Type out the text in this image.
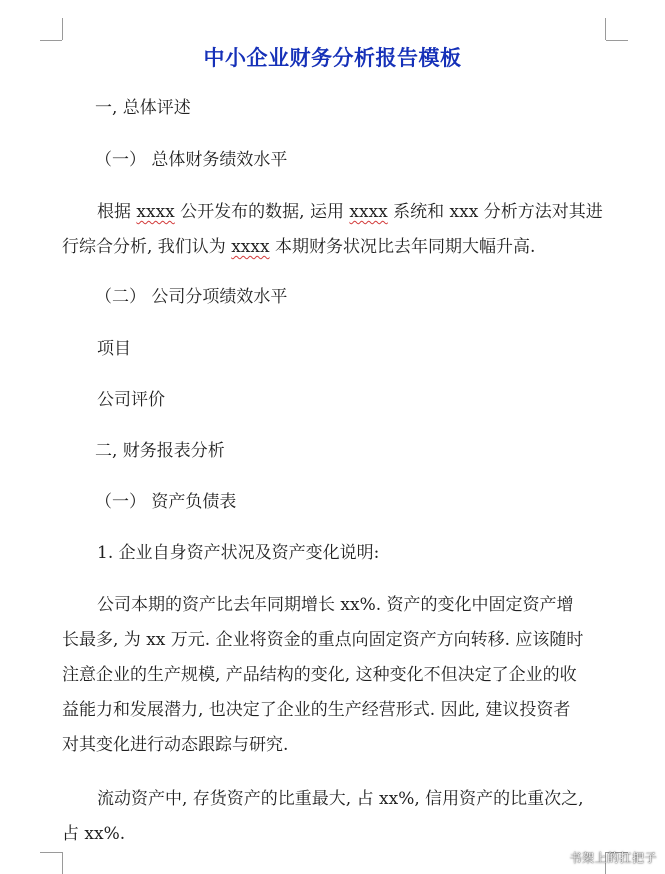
中小企业财务分析报告模板
一, 总体评述
（一） 总体财务绩效水平
根据 xxxx 公开发布的数据, 运用 xxxx 系统和 xxx 分析方法对其进
行综合分析, 我们认为 xxxx 本期财务状况比去年同期大幅升高.
（二） 公司分项绩效水平
项目
公司评价
二, 财务报表分析
（一） 资产负债表
1. 企业自身资产状况及资产变化说明:
公司本期的资产比去年同期增长 xx%. 资产的变化中固定资产增
长最多, 为 xx 万元. 企业将资金的重点向固定资产方向转移. 应该随时
注意企业的生产规模, 产品结构的变化, 这种变化不但决定了企业的收
益能力和发展潜力, 也决定了企业的生产经营形式. 因此, 建议投资者
对其变化进行动态跟踪与研究.
流动资产中, 存货资产的比重最大, 占 xx%, 信用资产的比重次之,
占 xx%.
书架上的扛把子
